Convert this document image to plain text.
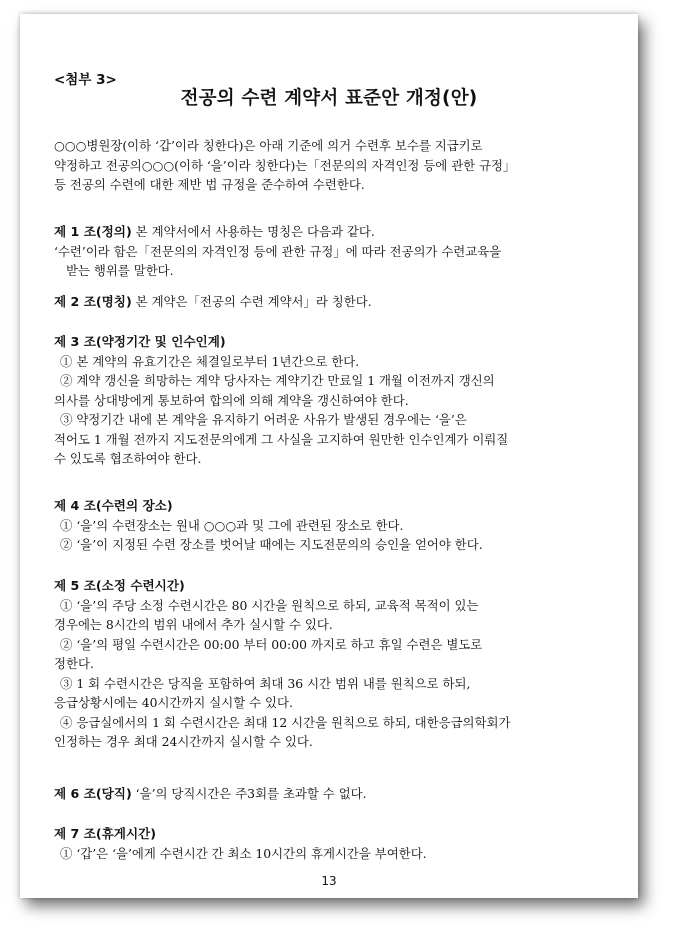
<첨부 3>
전공의 수련 계약서 표준안 개정(안)
○○○병원장(이하 ‘갑’이라 칭한다)은 아래 기준에 의거 수련후 보수를 지급키로
약정하고 전공의○○○(이하 ‘을’이라 칭한다)는「전문의의 자격인정 등에 관한 규정」
등 전공의 수련에 대한 제반 법 규정을 준수하여 수련한다.
제 1 조(정의) 본 계약서에서 사용하는 명칭은 다음과 같다.
‘수련’이라 함은「전문의의 자격인정 등에 관한 규정」에 따라 전공의가 수련교육을
받는 행위를 말한다.
제 2 조(명칭) 본 계약은「전공의 수련 계약서」라 칭한다.
제 3 조(약정기간 및 인수인계)
① 본 계약의 유효기간은 체결일로부터 1년간으로 한다.
② 계약 갱신을 희망하는 계약 당사자는 계약기간 만료일 1 개월 이전까지 갱신의
의사를 상대방에게 통보하여 합의에 의해 계약을 갱신하여야 한다.
③ 약정기간 내에 본 계약을 유지하기 어려운 사유가 발생된 경우에는 ‘을’은
적어도 1 개월 전까지 지도전문의에게 그 사실을 고지하여 원만한 인수인계가 이뤄질
수 있도록 협조하여야 한다.
제 4 조(수련의 장소)
① ‘을’의 수련장소는 원내 ○○○과 및 그에 관련된 장소로 한다.
② ‘을’이 지정된 수련 장소를 벗어날 때에는 지도전문의의 승인을 얻어야 한다.
제 5 조(소정 수련시간)
① ‘을’의 주당 소정 수련시간은 80 시간을 원칙으로 하되, 교육적 목적이 있는
경우에는 8시간의 범위 내에서 추가 실시할 수 있다.
② ‘을’의 평일 수련시간은 00:00 부터 00:00 까지로 하고 휴일 수련은 별도로
정한다.
③ 1 회 수련시간은 당직을 포함하여 최대 36 시간 범위 내를 원칙으로 하되,
응급상황시에는 40시간까지 실시할 수 있다.
④ 응급실에서의 1 회 수련시간은 최대 12 시간을 원칙으로 하되, 대한응급의학회가
인정하는 경우 최대 24시간까지 실시할 수 있다.
제 6 조(당직) ‘을’의 당직시간은 주3회를 초과할 수 없다.
제 7 조(휴게시간)
① ‘갑’은 ‘을’에게 수련시간 간 최소 10시간의 휴게시간을 부여한다.
13
